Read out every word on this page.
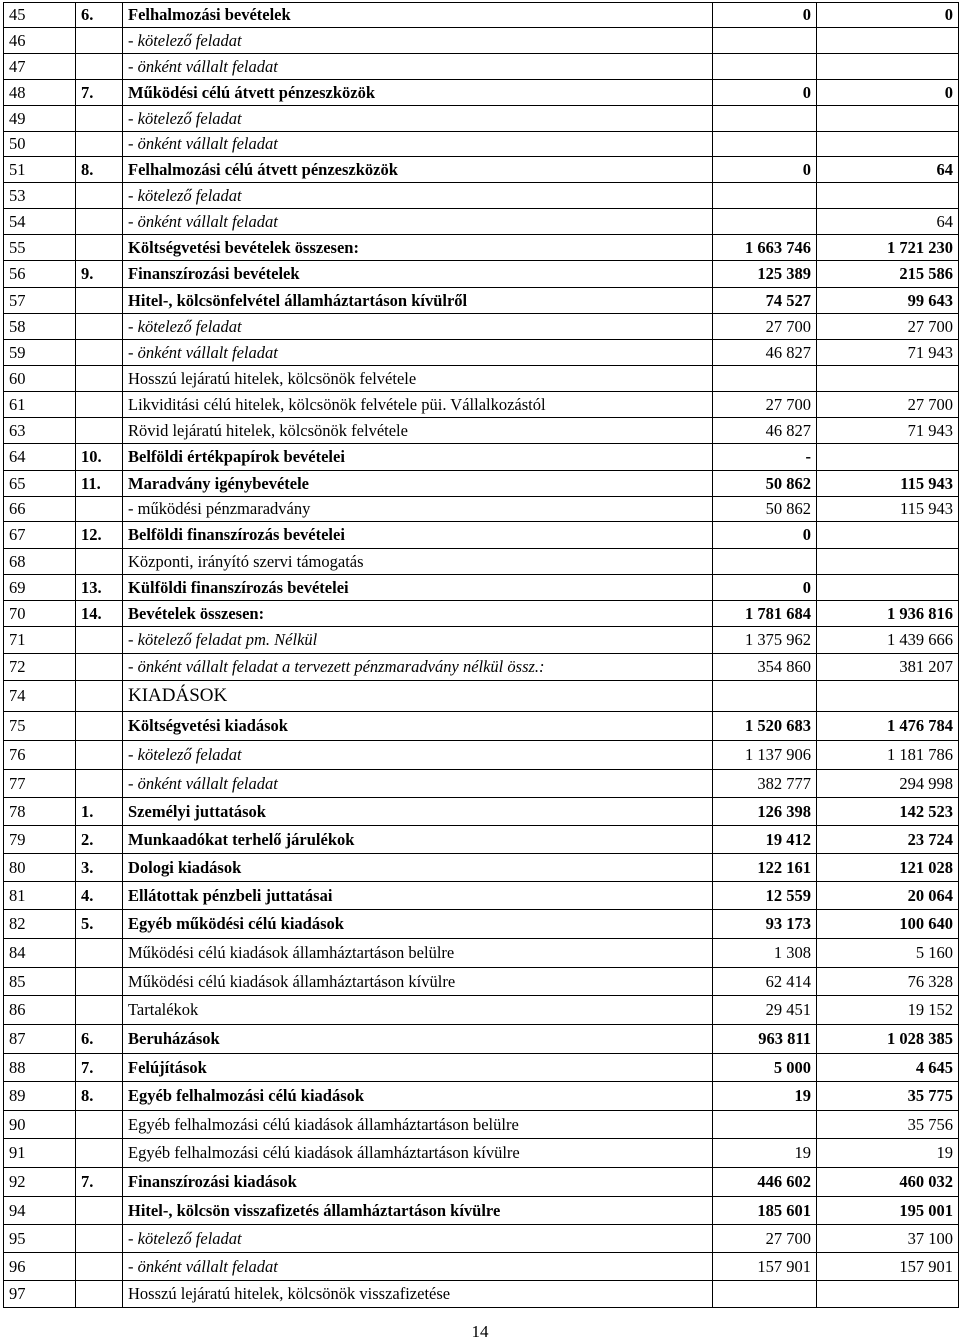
45	6.	Felhalmozási bevételek	0	0
46		- kötelező feladat		
47		- önként vállalt feladat		
48	7.	Működési célú átvett pénzeszközök	0	0
49		- kötelező feladat		
50		- önként vállalt feladat		
51	8.	Felhalmozási célú átvett pénzeszközök	0	64
53		- kötelező feladat		
54		- önként vállalt feladat		64
55		Költségvetési bevételek összesen:	1 663 746	1 721 230
56	9.	Finanszírozási bevételek	125 389	215 586
57		Hitel-, kölcsönfelvétel államháztartáson kívülről	74 527	99 643
58		- kötelező feladat	27 700	27 700
59		- önként vállalt feladat	46 827	71 943
60		Hosszú lejáratú hitelek, kölcsönök felvétele		
61		Likviditási célú hitelek, kölcsönök felvétele püi. Vállalkozástól	27 700	27 700
63		Rövid lejáratú hitelek, kölcsönök felvétele	46 827	71 943
64	10.	Belföldi értékpapírok bevételei	-	
65	11.	Maradvány igénybevétele	50 862	115 943
66		- működési pénzmaradvány	50 862	115 943
67	12.	Belföldi finanszírozás bevételei	0	
68		Központi, irányító szervi támogatás		
69	13.	Külföldi finanszírozás bevételei	0	
70	14.	Bevételek összesen:	1 781 684	1 936 816
71		- kötelező feladat pm. Nélkül	1 375 962	1 439 666
72		- önként vállalt feladat a tervezett pénzmaradvány nélkül össz.:	354 860	381 207
74		KIADÁSOK		
75		Költségvetési kiadások	1 520 683	1 476 784
76		- kötelező feladat	1 137 906	1 181 786
77		- önként vállalt feladat	382 777	294 998
78	1.	Személyi juttatások	126 398	142 523
79	2.	Munkaadókat terhelő járulékok	19 412	23 724
80	3.	Dologi kiadások	122 161	121 028
81	4.	Ellátottak pénzbeli juttatásai	12 559	20 064
82	5.	Egyéb működési célú kiadások	93 173	100 640
84		Működési célú kiadások államháztartáson belülre	1 308	5 160
85		Működési célú kiadások államháztartáson kívülre	62 414	76 328
86		Tartalékok	29 451	19 152
87	6.	Beruházások	963 811	1 028 385
88	7.	Felújítások	5 000	4 645
89	8.	Egyéb felhalmozási célú kiadások	19	35 775
90		Egyéb felhalmozási célú kiadások államháztartáson belülre		35 756
91		Egyéb felhalmozási célú kiadások államháztartáson kívülre	19	19
92	7.	Finanszírozási kiadások	446 602	460 032
94		Hitel-, kölcsön visszafizetés államháztartáson kívülre	185 601	195 001
95		- kötelező feladat	27 700	37 100
96		- önként vállalt feladat	157 901	157 901
97		Hosszú lejáratú hitelek, kölcsönök visszafizetése		
14
